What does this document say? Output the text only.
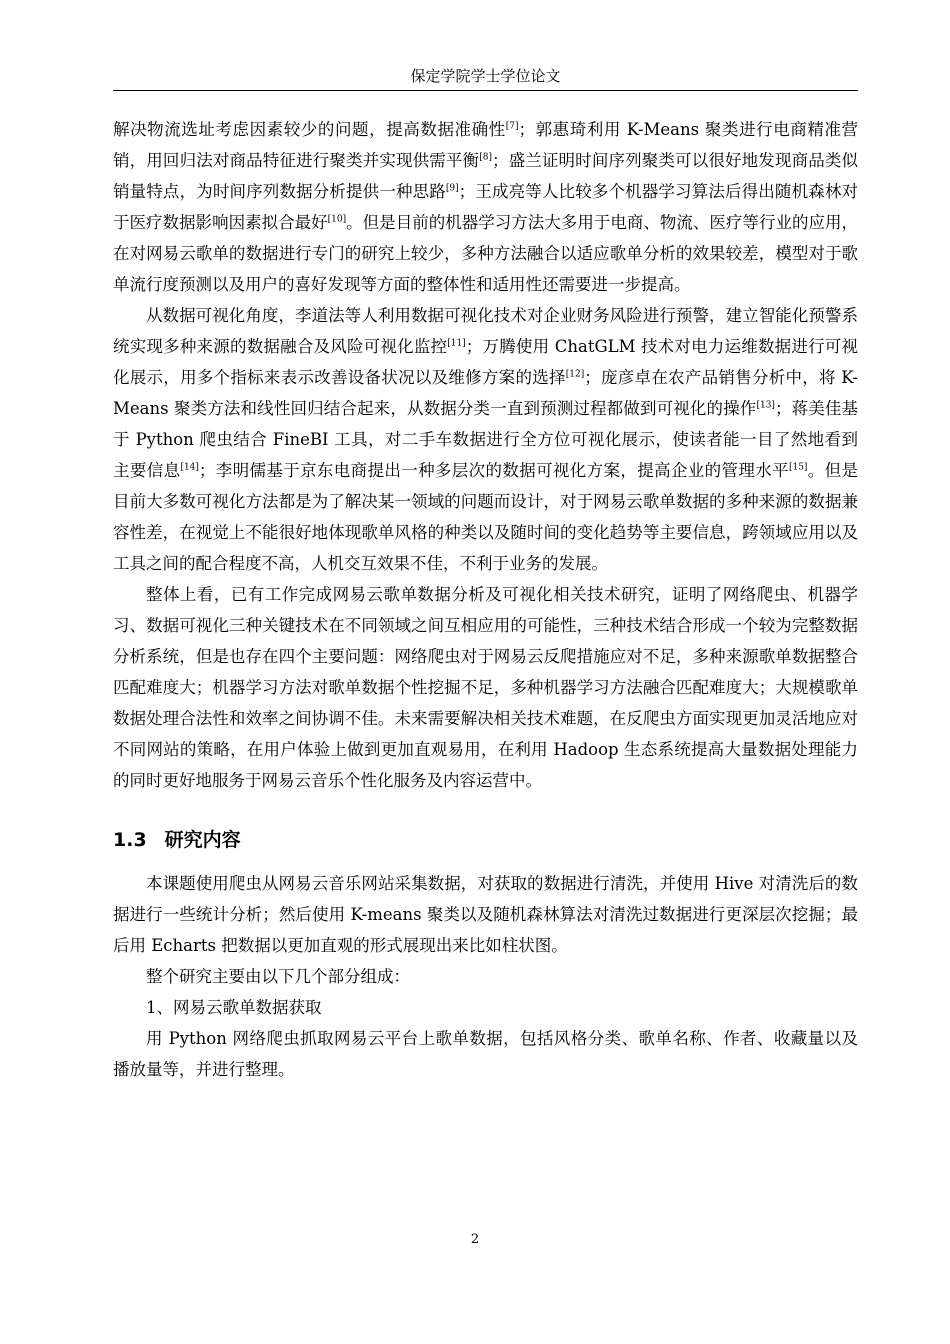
保定学院学士学位论文

解决物流选址考虑因素较少的问题，提高数据准确性[7]；郭惠琦利用 K-Means 聚类进行电商精准营销，用回归法对商品特征进行聚类并实现供需平衡[8]；盛兰证明时间序列聚类可以很好地发现商品类似销量特点，为时间序列数据分析提供一种思路[9]；王成亮等人比较多个机器学习算法后得出随机森林对于医疗数据影响因素拟合最好[10]。但是目前的机器学习方法大多用于电商、物流、医疗等行业的应用，在对网易云歌单的数据进行专门的研究上较少，多种方法融合以适应歌单分析的效果较差，模型对于歌单流行度预测以及用户的喜好发现等方面的整体性和适用性还需要进一步提高。

从数据可视化角度，李道法等人利用数据可视化技术对企业财务风险进行预警，建立智能化预警系统实现多种来源的数据融合及风险可视化监控[11]；万腾使用 ChatGLM 技术对电力运维数据进行可视化展示，用多个指标来表示改善设备状况以及维修方案的选择[12]；庞彦卓在农产品销售分析中，将 K-Means 聚类方法和线性回归结合起来，从数据分类一直到预测过程都做到可视化的操作[13]；蒋美佳基于 Python 爬虫结合 FineBI 工具，对二手车数据进行全方位可视化展示，使读者能一目了然地看到主要信息[14]；李明儒基于京东电商提出一种多层次的数据可视化方案，提高企业的管理水平[15]。但是目前大多数可视化方法都是为了解决某一领域的问题而设计，对于网易云歌单数据的多种来源的数据兼容性差，在视觉上不能很好地体现歌单风格的种类以及随时间的变化趋势等主要信息，跨领域应用以及工具之间的配合程度不高，人机交互效果不佳，不利于业务的发展。

整体上看，已有工作完成网易云歌单数据分析及可视化相关技术研究，证明了网络爬虫、机器学习、数据可视化三种关键技术在不同领域之间互相应用的可能性，三种技术结合形成一个较为完整数据分析系统，但是也存在四个主要问题：网络爬虫对于网易云反爬措施应对不足，多种来源歌单数据整合匹配难度大；机器学习方法对歌单数据个性挖掘不足，多种机器学习方法融合匹配难度大；大规模歌单数据处理合法性和效率之间协调不佳。未来需要解决相关技术难题，在反爬虫方面实现更加灵活地应对不同网站的策略，在用户体验上做到更加直观易用，在利用 Hadoop 生态系统提高大量数据处理能力的同时更好地服务于网易云音乐个性化服务及内容运营中。

1.3 研究内容

本课题使用爬虫从网易云音乐网站采集数据，对获取的数据进行清洗，并使用 Hive 对清洗后的数据进行一些统计分析；然后使用 K-means 聚类以及随机森林算法对清洗过数据进行更深层次挖掘；最后用 Echarts 把数据以更加直观的形式展现出来比如柱状图。

整个研究主要由以下几个部分组成：

1、网易云歌单数据获取

用 Python 网络爬虫抓取网易云平台上歌单数据，包括风格分类、歌单名称、作者、收藏量以及播放量等，并进行整理。

2
